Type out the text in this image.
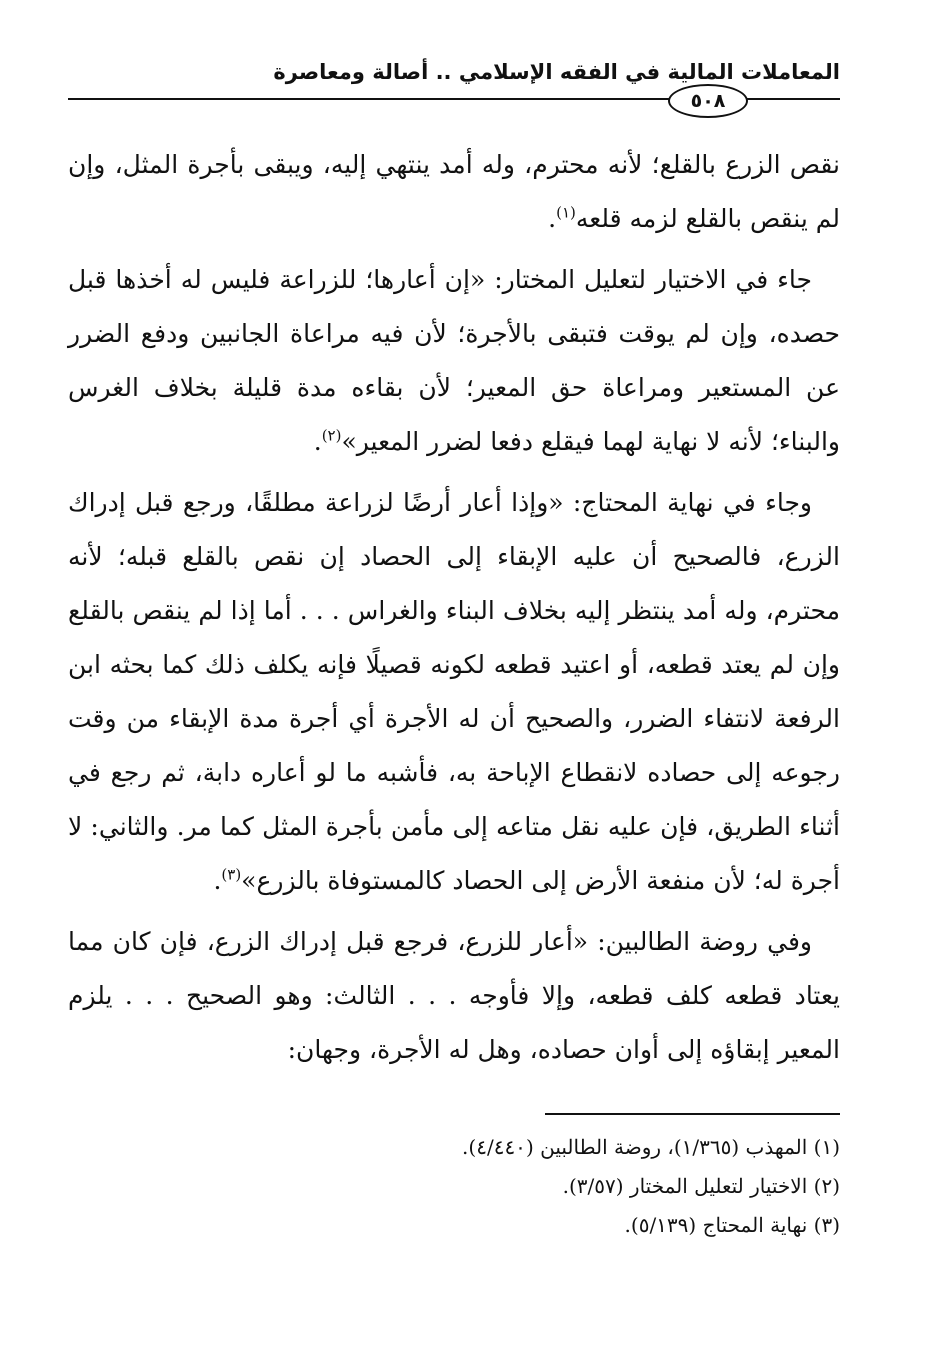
المعاملات المالية في الفقه الإسلامي .. أصالة ومعاصرة
٥٠٨

نقص الزرع بالقلع؛ لأنه محترم، وله أمد ينتهي إليه، ويبقى بأجرة المثل، وإن لم ينقص بالقلع لزمه قلعه$^{(١)}$.

جاء في الاختيار لتعليل المختار: «إن أعارها؛ للزراعة فليس له أخذها قبل حصده، وإن لم يوقت فتبقى بالأجرة؛ لأن فيه مراعاة الجانبين ودفع الضرر عن المستعير ومراعاة حق المعير؛ لأن بقاءه مدة قليلة بخلاف الغرس والبناء؛ لأنه لا نهاية لهما فيقلع دفعا لضرر المعير»$^{(٢)}$.

وجاء في نهاية المحتاج: «وإذا أعار أرضًا لزراعة مطلقًا، ورجع قبل إدراك الزرع، فالصحيح أن عليه الإبقاء إلى الحصاد إن نقص بالقلع قبله؛ لأنه محترم، وله أمد ينتظر إليه بخلاف البناء والغراس . . . أما إذا لم ينقص بالقلع وإن لم يعتد قطعه، أو اعتيد قطعه لكونه قصيلًا فإنه يكلف ذلك كما بحثه ابن الرفعة لانتفاء الضرر، والصحيح أن له الأجرة أي أجرة مدة الإبقاء من وقت رجوعه إلى حصاده لانقطاع الإباحة به، فأشبه ما لو أعاره دابة، ثم رجع في أثناء الطريق، فإن عليه نقل متاعه إلى مأمن بأجرة المثل كما مر. والثاني: لا أجرة له؛ لأن منفعة الأرض إلى الحصاد كالمستوفاة بالزرع»$^{(٣)}$.

وفي روضة الطالبين: «أعار للزرع، فرجع قبل إدراك الزرع، فإن كان مما يعتاد قطعه كلف قطعه، وإلا فأوجه . . . الثالث: وهو الصحيح . . . يلزم المعير إبقاؤه إلى أوان حصاده، وهل له الأجرة، وجهان:

(١) المهذب (١/٣٦٥)، روضة الطالبين (٤/٤٤٠).

(٢) الاختيار لتعليل المختار (٣/٥٧).

(٣) نهاية المحتاج (٥/١٣٩).
